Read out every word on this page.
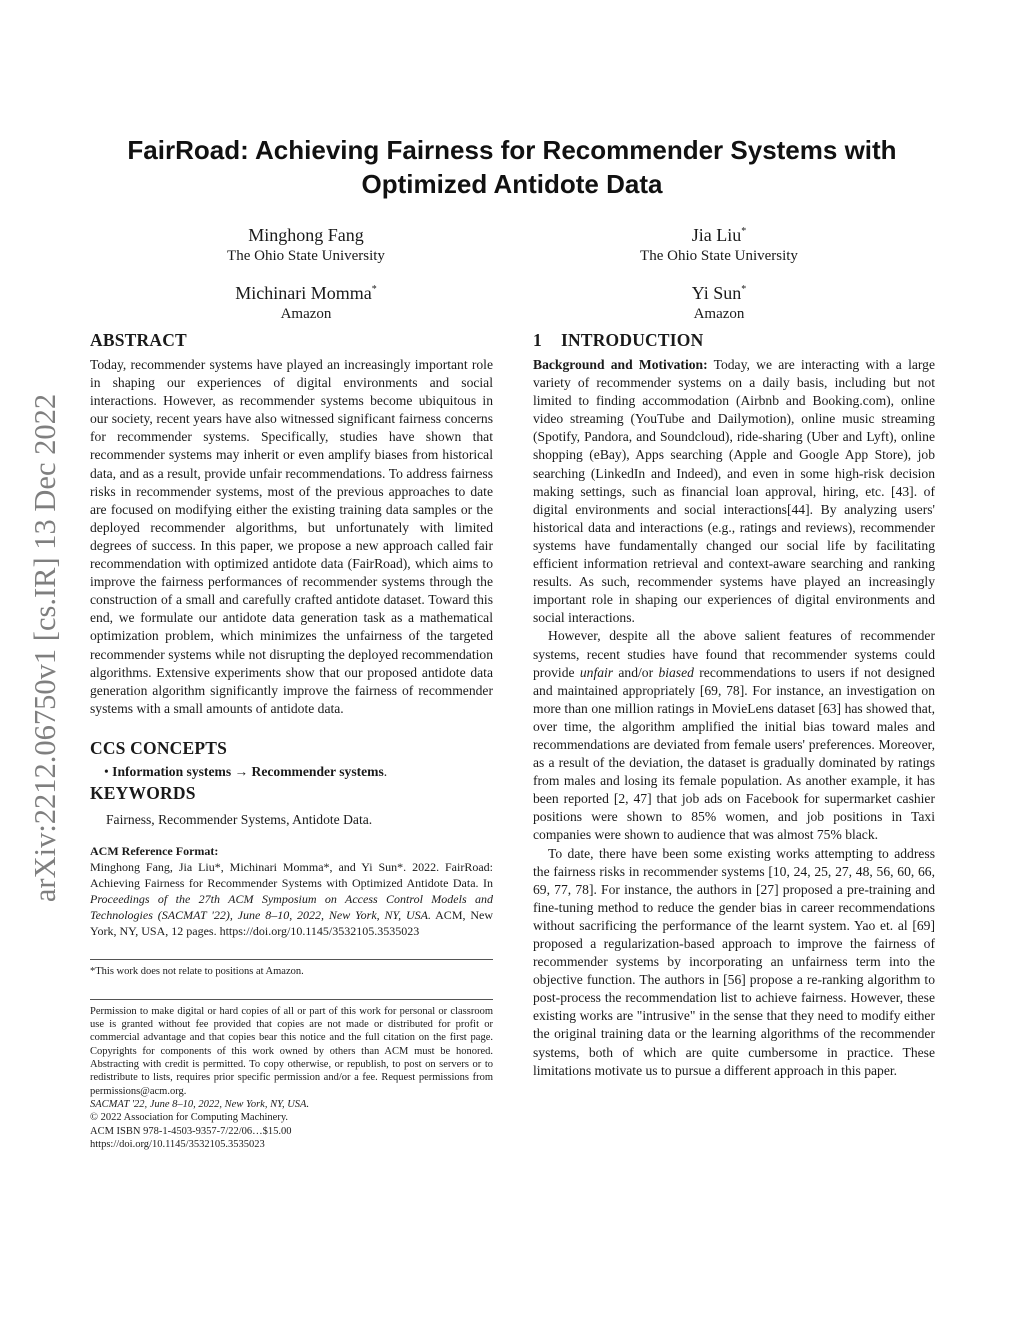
arXiv:2212.06750v1 [cs.IR] 13 Dec 2022
FairRoad: Achieving Fairness for Recommender Systems with
Optimized Antidote Data
Minghong Fang
The Ohio State University
Jia Liu*
The Ohio State University
Michinari Momma*
Amazon
Yi Sun*
Amazon
ABSTRACT

Today, recommender systems have played an increasingly important role in shaping our experiences of digital environments and social interactions. However, as recommender systems become ubiquitous in our society, recent years have also witnessed significant fairness concerns for recommender systems. Specifically, studies have shown that recommender systems may inherit or even amplify biases from historical data, and as a result, provide unfair recommendations. To address fairness risks in recommender systems, most of the previous approaches to date are focused on modifying either the existing training data samples or the deployed recommender algorithms, but unfortunately with limited degrees of success. In this paper, we propose a new approach called fair recommendation with optimized antidote data (FairRoad), which aims to improve the fairness performances of recommender systems through the construction of a small and carefully crafted antidote dataset. Toward this end, we formulate our antidote data generation task as a mathematical optimization problem, which minimizes the unfairness of the targeted recommender systems while not disrupting the deployed recommendation algorithms. Extensive experiments show that our proposed antidote data generation algorithm significantly improve the fairness of recommender systems with a small amounts of antidote data.

CCS CONCEPTS
• Information systems → Recommender systems.
KEYWORDS
Fairness, Recommender Systems, Antidote Data.
ACM Reference Format:

Minghong Fang, Jia Liu*, Michinari Momma*, and Yi Sun*. 2022. FairRoad: Achieving Fairness for Recommender Systems with Optimized Antidote Data. In Proceedings of the 27th ACM Symposium on Access Control Models and Technologies (SACMAT '22), June 8–10, 2022, New York, NY, USA. ACM, New York, NY, USA, 12 pages. https://doi.org/10.1145/3532105.3535023

*This work does not relate to positions at Amazon.

Permission to make digital or hard copies of all or part of this work for personal or classroom use is granted without fee provided that copies are not made or distributed for profit or commercial advantage and that copies bear this notice and the full citation on the first page. Copyrights for components of this work owned by others than ACM must be honored. Abstracting with credit is permitted. To copy otherwise, or republish, to post on servers or to redistribute to lists, requires prior specific permission and/or a fee. Request permissions from permissions@acm.org.

SACMAT '22, June 8–10, 2022, New York, NY, USA.
© 2022 Association for Computing Machinery.
ACM ISBN 978-1-4503-9357-7/22/06…$15.00
https://doi.org/10.1145/3532105.3535023
1 INTRODUCTION

Background and Motivation: Today, we are interacting with a large variety of recommender systems on a daily basis, including but not limited to finding accommodation (Airbnb and Booking.com), online video streaming (YouTube and Dailymotion), online music streaming (Spotify, Pandora, and Soundcloud), ride-sharing (Uber and Lyft), online shopping (eBay), Apps searching (Apple and Google App Store), job searching (LinkedIn and Indeed), and even in some high-risk decision making settings, such as financial loan approval, hiring, etc. [43]. of digital environments and social interactions[44]. By analyzing users' historical data and interactions (e.g., ratings and reviews), recommender systems have fundamentally changed our social life by facilitating efficient information retrieval and context-aware searching and ranking results. As such, recommender systems have played an increasingly important role in shaping our experiences of digital environments and social interactions.

However, despite all the above salient features of recommender systems, recent studies have found that recommender systems could provide unfair and/or biased recommendations to users if not designed and maintained appropriately [69, 78]. For instance, an investigation on more than one million ratings in MovieLens dataset [63] has showed that, over time, the algorithm amplified the initial bias toward males and recommendations are deviated from female users' preferences. Moreover, as a result of the deviation, the dataset is gradually dominated by ratings from males and losing its female population. As another example, it has been reported [2, 47] that job ads on Facebook for supermarket cashier positions were shown to 85% women, and job positions in Taxi companies were shown to audience that was almost 75% black.

To date, there have been some existing works attempting to address the fairness risks in recommender systems [10, 24, 25, 27, 48, 56, 60, 66, 69, 77, 78]. For instance, the authors in [27] proposed a pre-training and fine-tuning method to reduce the gender bias in career recommendations without sacrificing the performance of the learnt system. Yao et. al [69] proposed a regularization-based approach to improve the fairness of recommender systems by incorporating an unfairness term into the objective function. The authors in [56] propose a re-ranking algorithm to post-process the recommendation list to achieve fairness. However, these existing works are "intrusive" in the sense that they need to modify either the original training data or the learning algorithms of the recommender systems, both of which are quite cumbersome in practice. These limitations motivate us to pursue a different approach in this paper.
